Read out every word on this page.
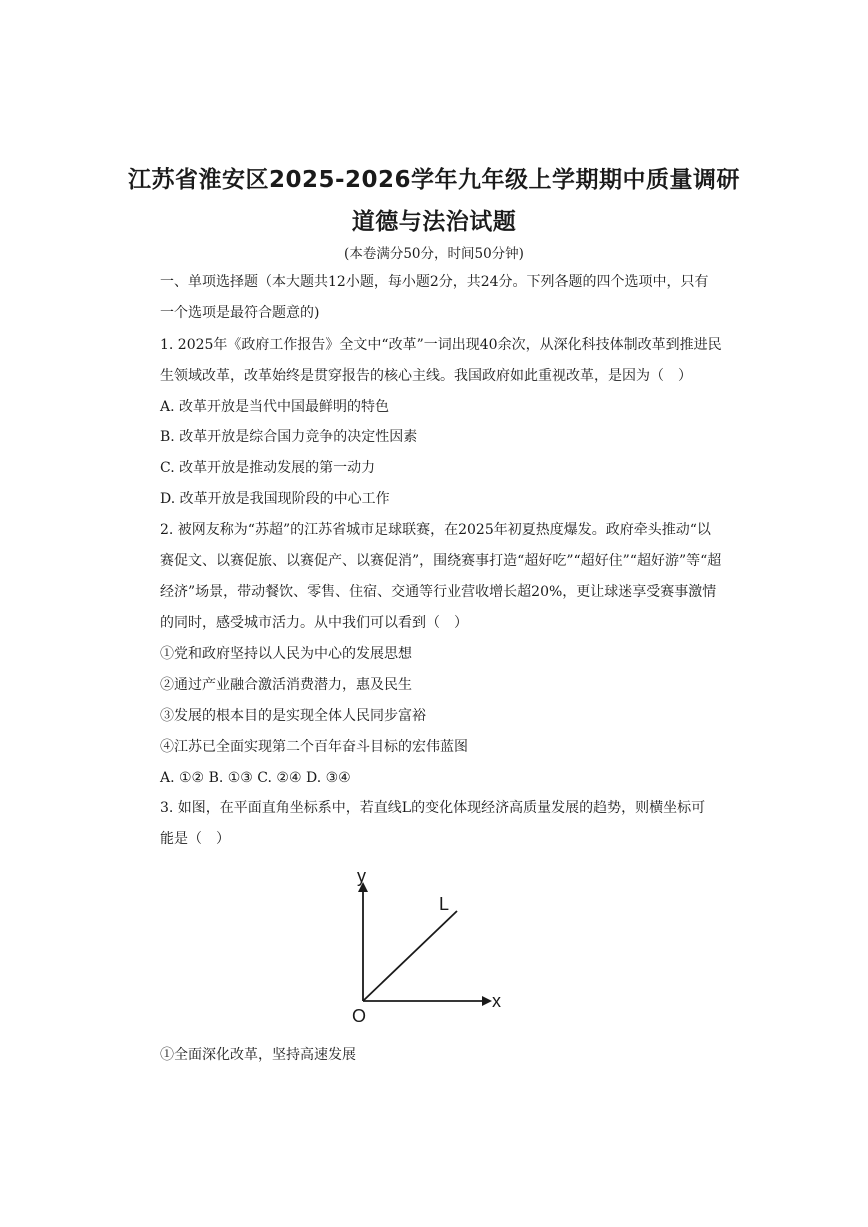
江苏省淮安区2025-2026学年九年级上学期期中质量调研
道德与法治试题
(本卷满分50分，时间50分钟)
一、单项选择题（本大题共12小题，每小题2分，共24分。下列各题的四个选项中，只有
一个选项是最符合题意的)
1. 2025年《政府工作报告》全文中“改革”一词出现40余次，从深化科技体制改革到推进民
生领域改革，改革始终是贯穿报告的核心主线。我国政府如此重视改革，是因为（　）
A. 改革开放是当代中国最鲜明的特色
B. 改革开放是综合国力竞争的决定性因素
C. 改革开放是推动发展的第一动力
D. 改革开放是我国现阶段的中心工作
2. 被网友称为“苏超”的江苏省城市足球联赛，在2025年初夏热度爆发。政府牵头推动“以
赛促文、以赛促旅、以赛促产、以赛促消”，围绕赛事打造“超好吃”“超好住”“超好游”等“超
经济”场景，带动餐饮、零售、住宿、交通等行业营收增长超20%，更让球迷享受赛事激情
的同时，感受城市活力。从中我们可以看到（　）
①党和政府坚持以人民为中心的发展思想
②通过产业融合激活消费潜力，惠及民生
③发展的根本目的是实现全体人民同步富裕
④江苏已全面实现第二个百年奋斗目标的宏伟蓝图
A. ①② B. ①③ C. ②④ D. ③④
3. 如图，在平面直角坐标系中，若直线L的变化体现经济高质量发展的趋势，则横坐标可
能是（　）
y
x
O
L
①全面深化改革，坚持高速发展
